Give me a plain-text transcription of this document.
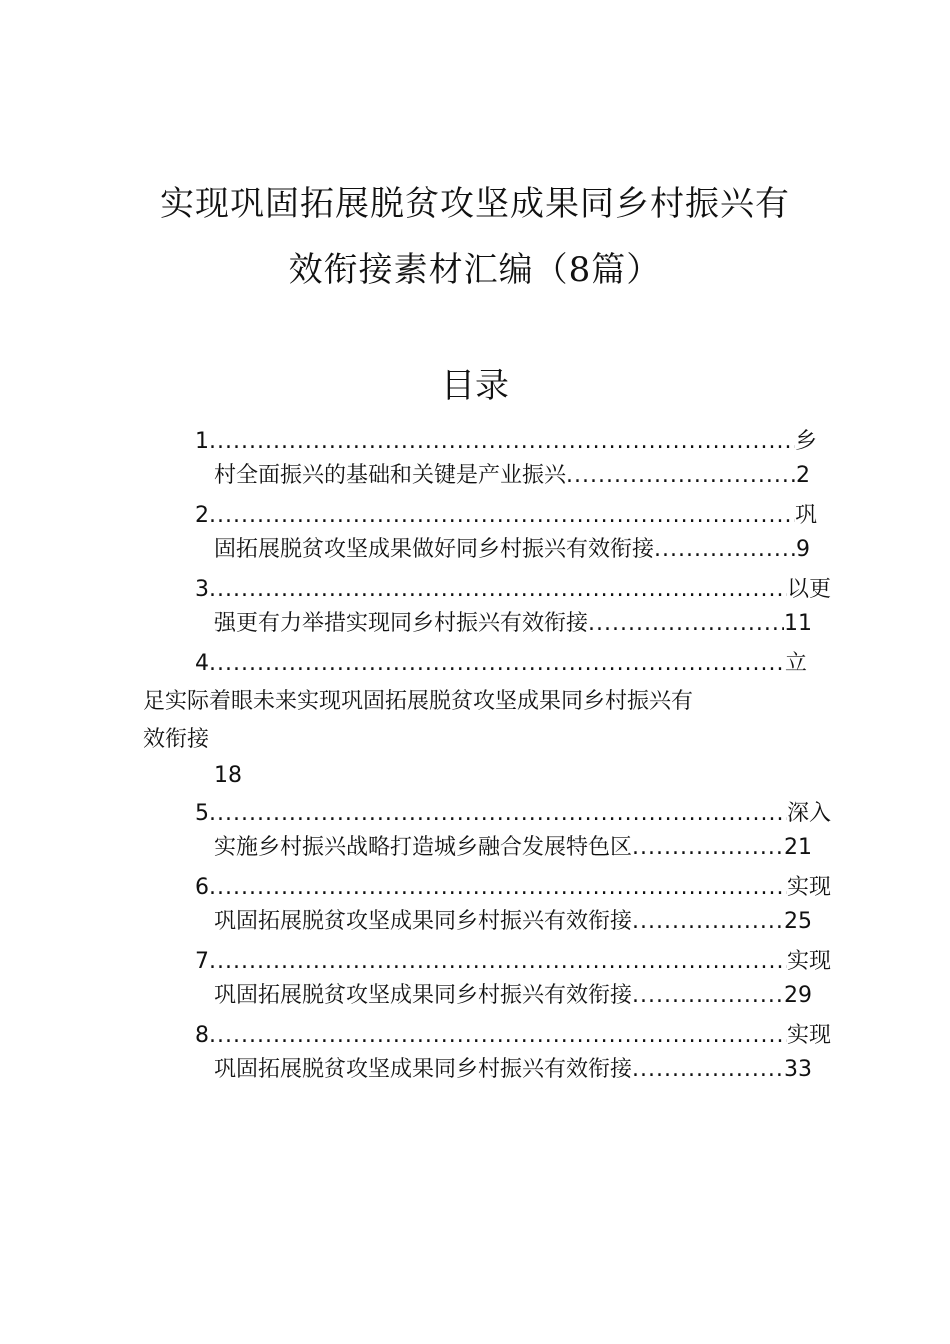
实现巩固拓展脱贫攻坚成果同乡村振兴有
效衔接素材汇编（8篇）
目录
1 .....	乡
村全面振兴的基础和关键是产业振兴 .....	2
2 .....	巩
固拓展脱贫攻坚成果做好同乡村振兴有效衔接 .....	9
3 .....	以更
强更有力举措实现同乡村振兴有效衔接 .....	11
4 .....	立
足实际着眼未来实现巩固拓展脱贫攻坚成果同乡村振兴有
效衔接
18
5 .....	深入
实施乡村振兴战略打造城乡融合发展特色区 .....	21
6 .....	实现
巩固拓展脱贫攻坚成果同乡村振兴有效衔接 .....	25
7 .....	实现
巩固拓展脱贫攻坚成果同乡村振兴有效衔接 .....	29
8 .....	实现
巩固拓展脱贫攻坚成果同乡村振兴有效衔接 .....	33
